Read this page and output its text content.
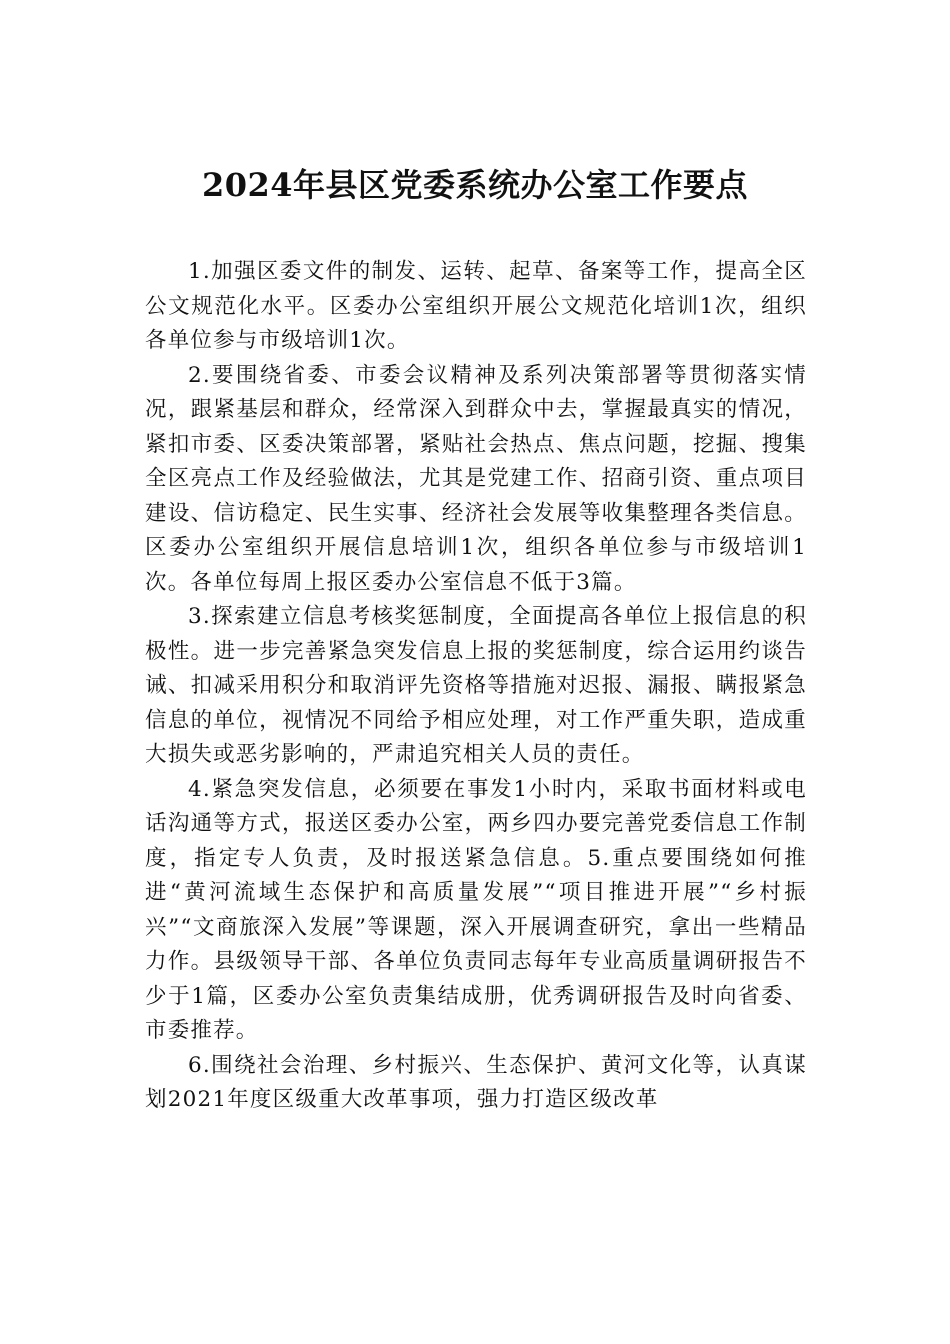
2024年县区党委系统办公室工作要点

1.加强区委文件的制发、运转、起草、备案等工作，提高全区公文规范化水平。区委办公室组织开展公文规范化培训1次，组织各单位参与市级培训1次。

2.要围绕省委、市委会议精神及系列决策部署等贯彻落实情况，跟紧基层和群众，经常深入到群众中去，掌握最真实的情况，紧扣市委、区委决策部署，紧贴社会热点、焦点问题，挖掘、搜集全区亮点工作及经验做法，尤其是党建工作、招商引资、重点项目建设、信访稳定、民生实事、经济社会发展等收集整理各类信息。区委办公室组织开展信息培训1次，组织各单位参与市级培训1次。各单位每周上报区委办公室信息不低于3篇。

3.探索建立信息考核奖惩制度，全面提高各单位上报信息的积极性。进一步完善紧急突发信息上报的奖惩制度，综合运用约谈告诫、扣减采用积分和取消评先资格等措施对迟报、漏报、瞒报紧急信息的单位，视情况不同给予相应处理，对工作严重失职，造成重大损失或恶劣影响的，严肃追究相关人员的责任。

4.紧急突发信息，必须要在事发1小时内，采取书面材料或电话沟通等方式，报送区委办公室，两乡四办要完善党委信息工作制度，指定专人负责，及时报送紧急信息。5.重点要围绕如何推进“黄河流域生态保护和高质量发展”“项目推进开展”“乡村振兴”“文商旅深入发展”等课题，深入开展调查研究，拿出一些精品力作。县级领导干部、各单位负责同志每年专业高质量调研报告不少于1篇，区委办公室负责集结成册，优秀调研报告及时向省委、市委推荐。

6.围绕社会治理、乡村振兴、生态保护、黄河文化等，认真谋划2021年度区级重大改革事项，强力打造区级改革
